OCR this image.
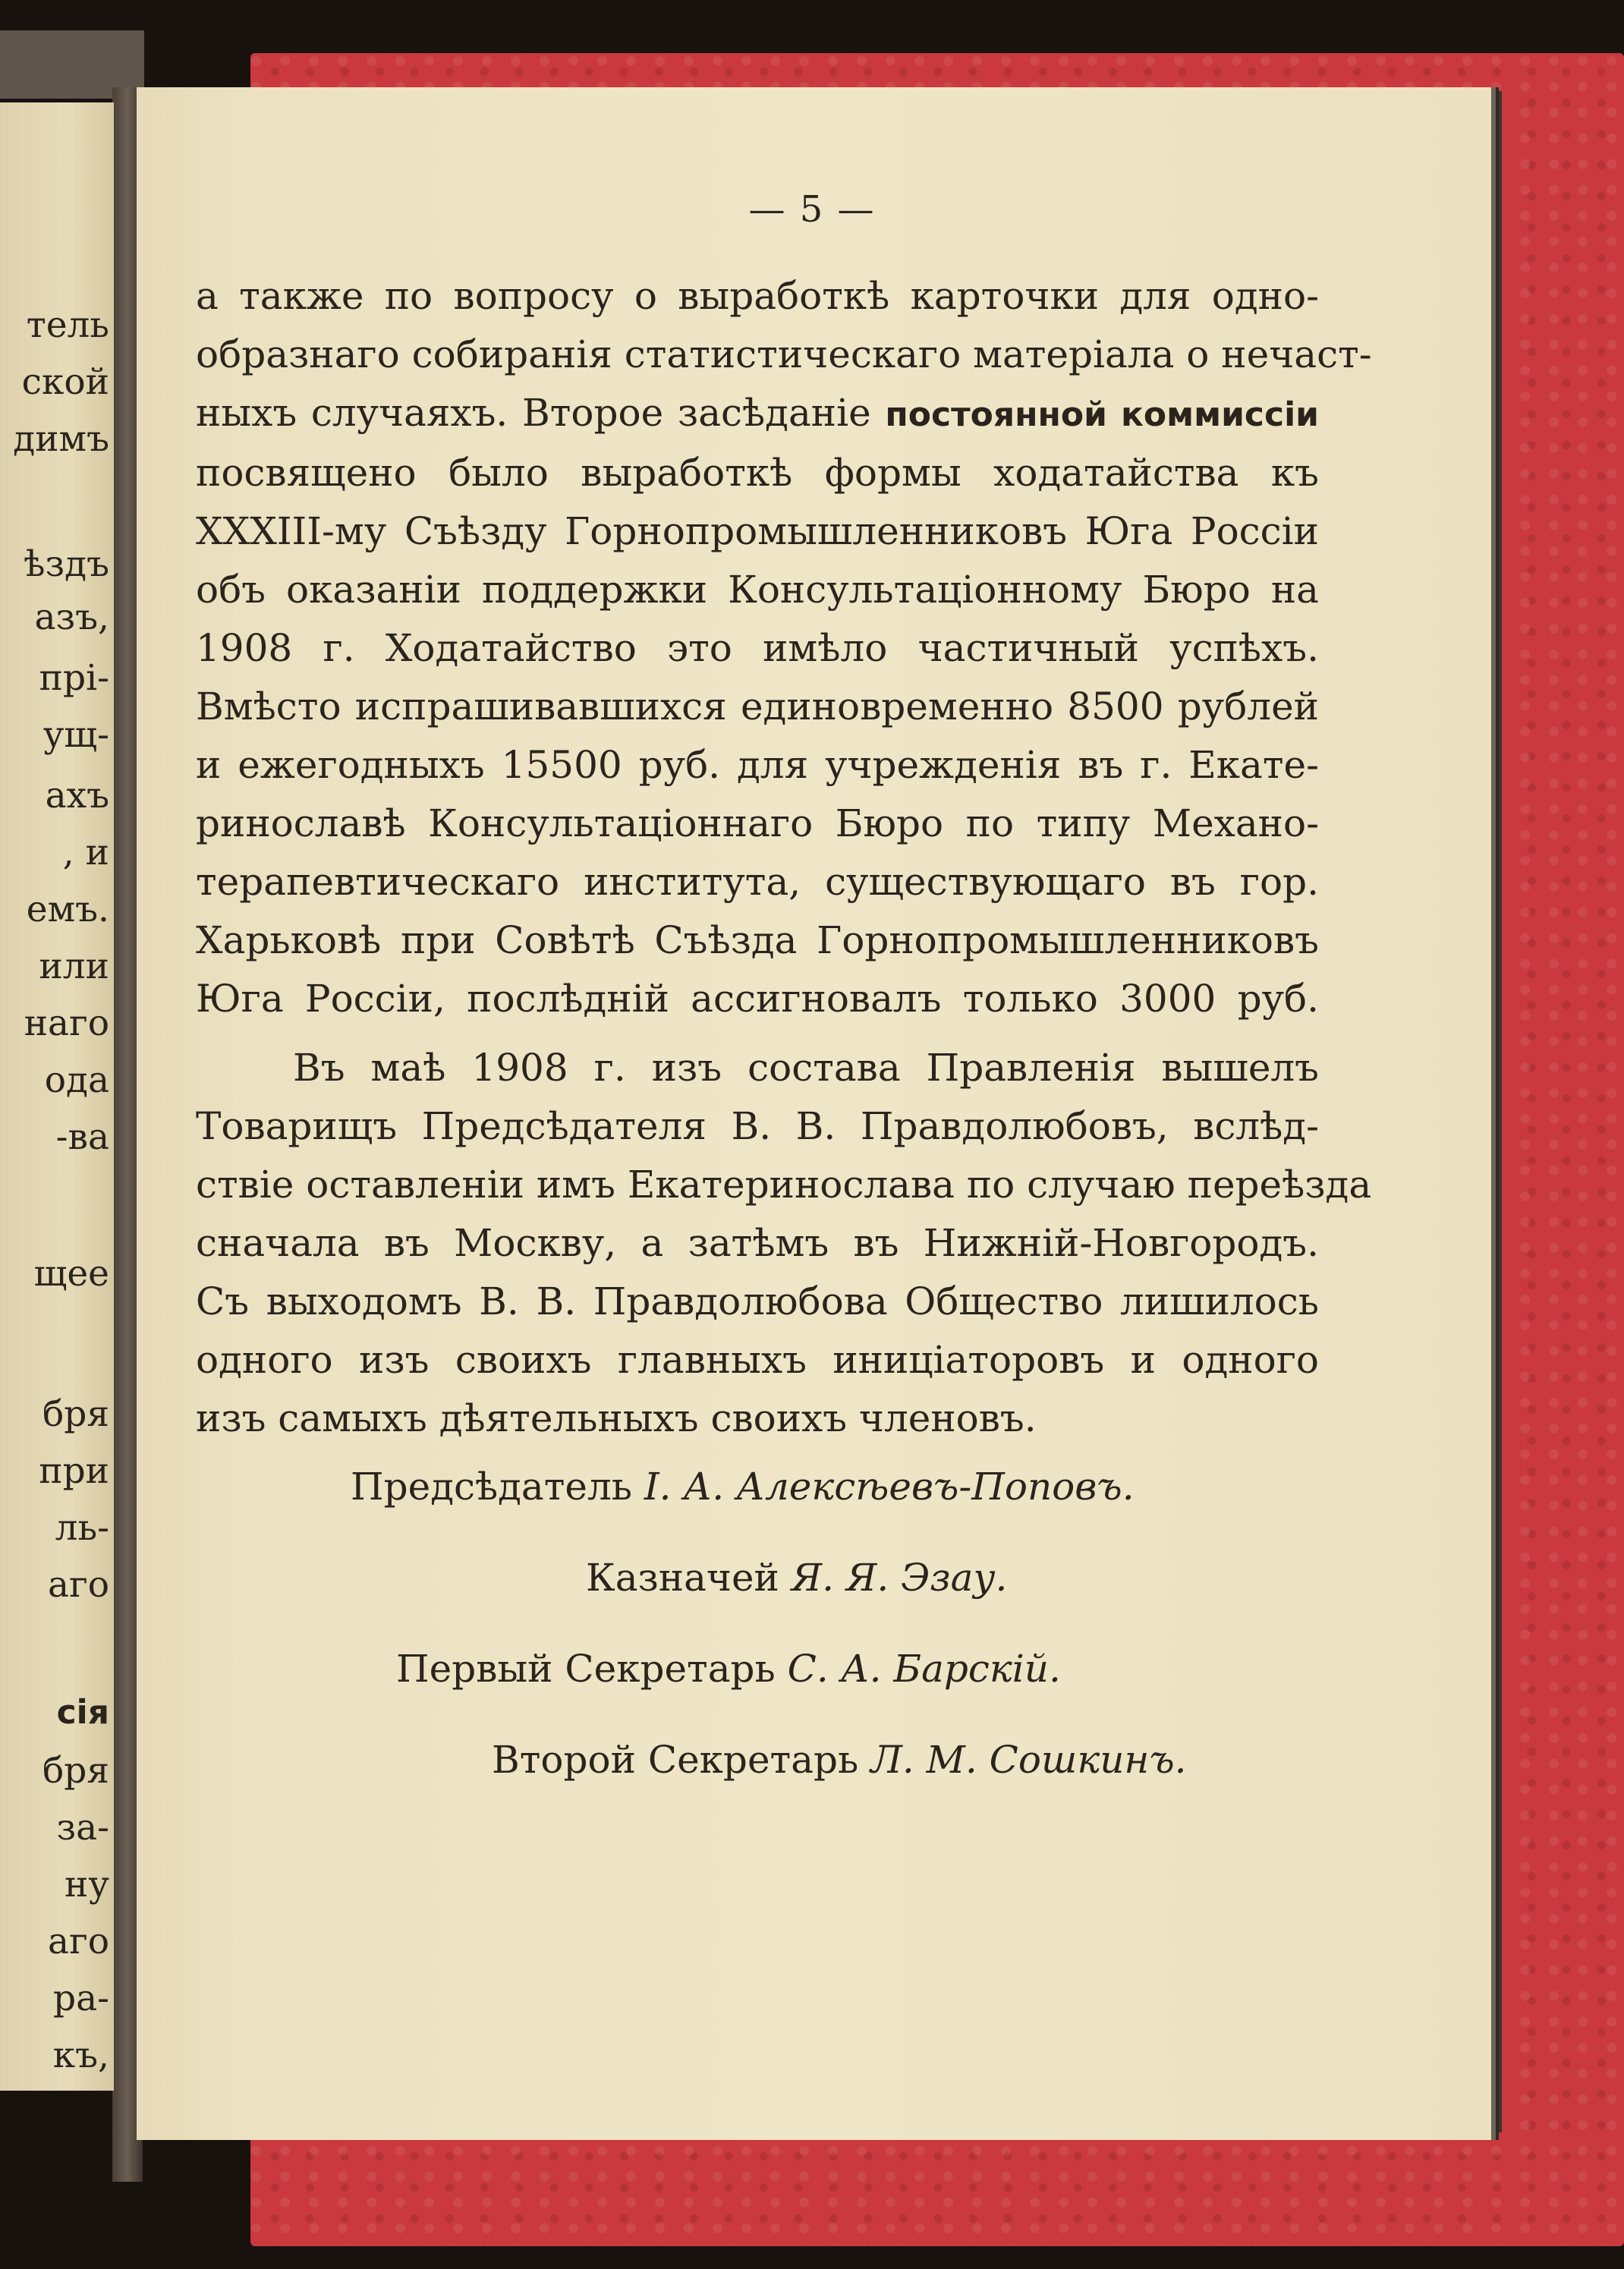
тель
ской
димъ
ѣздъ
азъ,
прі-
ущ-
ахъ
, и
емъ.
или
наго
ода
-ва
щее
бря
при
ль-
аго
сія
бря
за-
ну
аго
ра-
къ,
— 5 —
а также по вопросу о выработкѣ карточки для одно-
образнаго собиранія статистическаго матеріала о нечаст-
ныхъ случаяхъ. Второе засѣданіе постоянной коммиссіи
посвящено было выработкѣ формы ходатайства къ
XXXIII-му Съѣзду Горнопромышленниковъ Юга Россіи
объ оказаніи поддержки Консультаціонному Бюро на
1908 г. Ходатайство это имѣло частичный успѣхъ.
Вмѣсто испрашивавшихся единовременно 8500 рублей
и ежегодныхъ 15500 руб. для учрежденія въ г. Екате-
ринославѣ Консультаціоннаго Бюро по типу Механо-
терапевтическаго института, существующаго въ гор.
Харьковѣ при Совѣтѣ Съѣзда Горнопромышленниковъ
Юга Россіи, послѣдній ассигновалъ только 3000 руб.
Въ маѣ 1908 г. изъ состава Правленія вышелъ
Товарищъ Предсѣдателя В. В. Правдолюбовъ, вслѣд-
ствіе оставленіи имъ Екатеринослава по случаю переѣзда
сначала въ Москву, а затѣмъ въ Нижній-Новгородъ.
Съ выходомъ В. В. Правдолюбова Общество лишилось
одного изъ своихъ главныхъ иниціаторовъ и одного
изъ самыхъ дѣятельныхъ своихъ членовъ.
Предсѣдатель І. А. Алексѣевъ-Поповъ.
Казначей Я. Я. Эзау.
Первый Секретарь С. А. Барскій.
Второй Секретарь Л. М. Сошкинъ.
